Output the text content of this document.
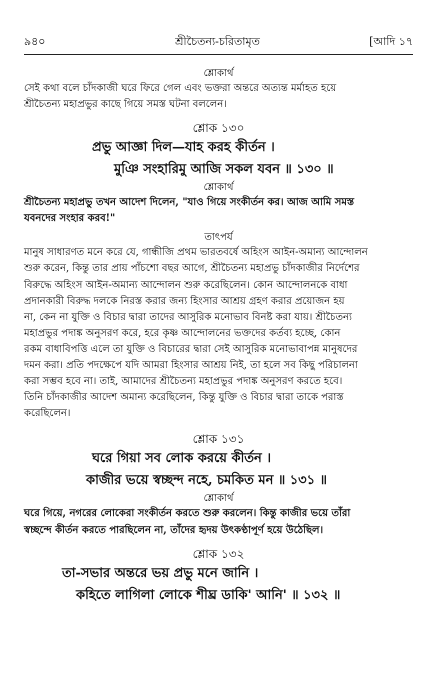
৯৪০	শ্রীচৈতন্য-চরিতামৃত	[আদি ১৭

শ্লোকার্থ

সেই কথা বলে চাঁদকাজী ঘরে ফিরে গেল এবং ভক্তরা অন্তরে অত্যন্ত মর্মাহত হয়ে

শ্রীচৈতন্য মহাপ্রভুর কাছে গিয়ে সমস্ত ঘটনা বললেন।

শ্লোক ১৩০

প্রভু আজ্ঞা দিল—যাহ করহ কীর্তন ।

মুঞি সংহারিমু আজি সকল যবন ॥ ১৩০ ॥

শ্লোকার্থ

শ্রীচৈতন্য মহাপ্রভু তখন আদেশ দিলেন, "যাও গিয়ে সংকীর্তন কর। আজ আমি সমস্ত

যবনদের সংহার করব!"

তাৎপর্য

মানুষ সাধারণত মনে করে যে, গান্ধীজি প্রথম ভারতবর্ষে অহিংস আইন-অমান্য আন্দোলন

শুরু করেন, কিন্তু তার প্রায় পাঁচশো বছর আগে, শ্রীচৈতন্য মহাপ্রভু চাঁদকাজীর নির্দেশের

বিরুদ্ধে অহিংস আইন-অমান্য আন্দোলন শুরু করেছিলেন। কোন আন্দোলনকে বাধা

প্রদানকারী বিরুদ্ধ দলকে নিরস্ত করার জন্য হিংসার আশ্রয় গ্রহণ করার প্রয়োজন হয়

না, কেন না যুক্তি ও বিচার দ্বারা তাদের আসুরিক মনোভাব বিনষ্ট করা যায়। শ্রীচৈতন্য

মহাপ্রভুর পদাঙ্ক অনুসরণ করে, হরে কৃষ্ণ আন্দোলনের ভক্তদের কর্তব্য হচ্ছে, কোন

রকম বাধাবিপত্তি এলে তা যুক্তি ও বিচারের দ্বারা সেই আসুরিক মনোভাবাপন্ন মানুষদের

দমন করা। প্রতি পদক্ষেপে যদি আমরা হিংসার আশ্রয় নিই, তা হলে সব কিছু পরিচালনা

করা সম্ভব হবে না। তাই, আমাদের শ্রীচৈতন্য মহাপ্রভুর পদাঙ্ক অনুসরণ করতে হবে।

তিনি চাঁদকাজীর আদেশ অমান্য করেছিলেন, কিন্তু যুক্তি ও বিচার দ্বারা তাকে পরাস্ত

করেছিলেন।

শ্লোক ১৩১

ঘরে গিয়া সব লোক করয়ে কীর্তন ।

কাজীর ভয়ে স্বচ্ছন্দ নহে, চমকিত মন ॥ ১৩১ ॥

শ্লোকার্থ

ঘরে গিয়ে, নগরের লোকেরা সংকীর্তন করতে শুরু করলেন। কিন্তু কাজীর ভয়ে তাঁরা

স্বচ্ছন্দে কীর্তন করতে পারছিলেন না, তাঁদের হৃদয় উৎকণ্ঠাপূর্ণ হয়ে উঠেছিল।

শ্লোক ১৩২

তা-সভার অন্তরে ভয় প্রভু মনে জানি ।

কহিতে লাগিলা লোকে শীঘ্র ডাকি' আনি' ॥ ১৩২ ॥
